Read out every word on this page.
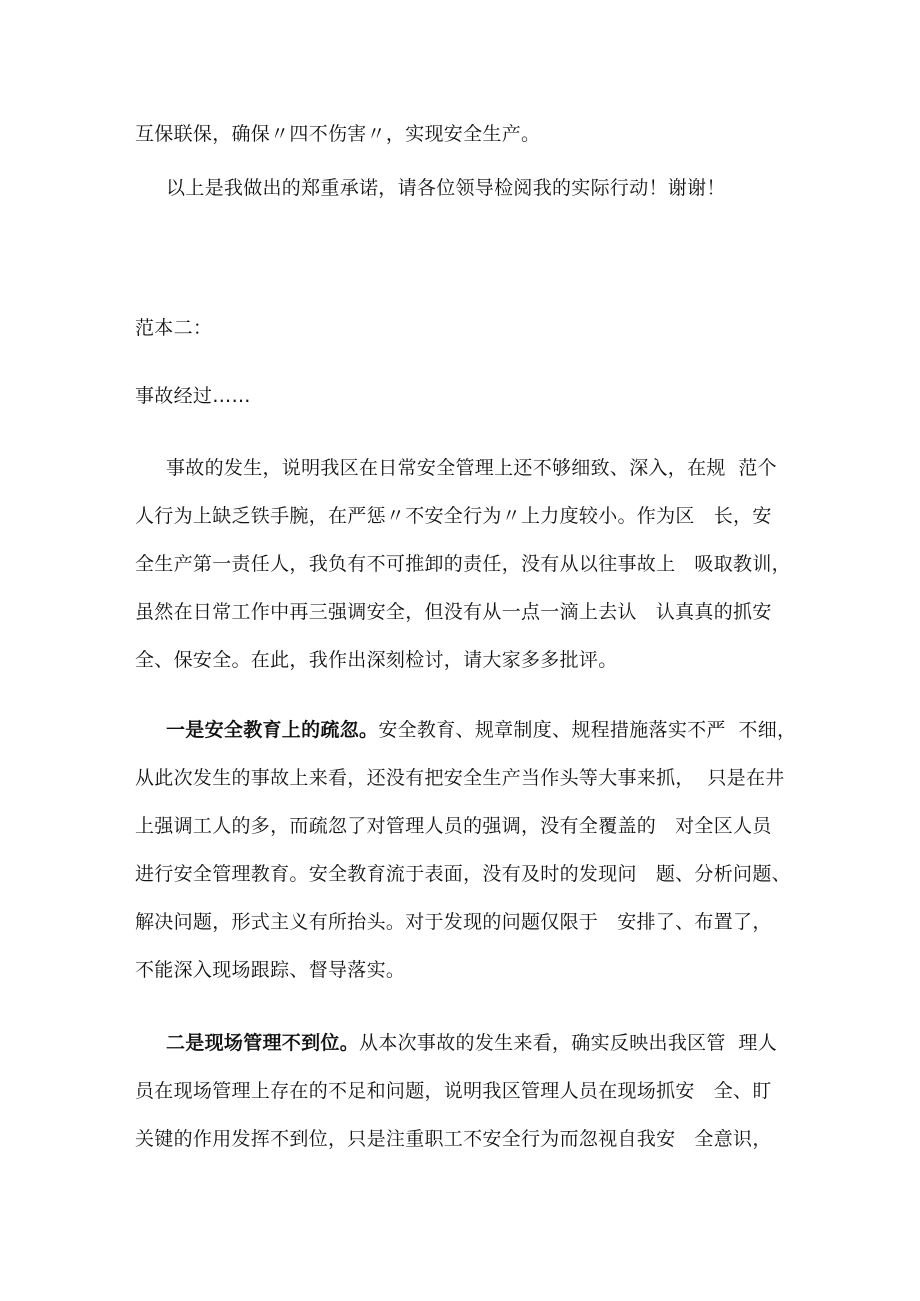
互保联保，确保〃四不伤害〃，实现安全生产。
以上是我做出的郑重承诺，请各位领导检阅我的实际行动！谢谢！
范本二：
事故经过……
事故的发生，说明我区在日常安全管理上还不够细致、深入，在规  范个
人行为上缺乏铁手腕，在严惩〃不安全行为〃上力度较小。作为区   长，安
全生产第一责任人，我负有不可推卸的责任，没有从以往事故上   吸取教训，
虽然在日常工作中再三强调安全，但没有从一点一滴上去认   认真真的抓安
全、保安全。在此，我作出深刻检讨，请大家多多批评。
一是安全教育上的疏忽。安全教育、规章制度、规程措施落实不严  不细，
从此次发生的事故上来看，还没有把安全生产当作头等大事来抓，  只是在井
上强调工人的多，而疏忽了对管理人员的强调，没有全覆盖的   对全区人员
进行安全管理教育。安全教育流于表面，没有及时的发现问   题、分析问题、
解决问题，形式主义有所抬头。对于发现的问题仅限于   安排了、布置了，
不能深入现场跟踪、督导落实。
二是现场管理不到位。从本次事故的发生来看，确实反映出我区管  理人
员在现场管理上存在的不足和问题，说明我区管理人员在现场抓安   全、盯
关键的作用发挥不到位，只是注重职工不安全行为而忽视自我安   全意识，
